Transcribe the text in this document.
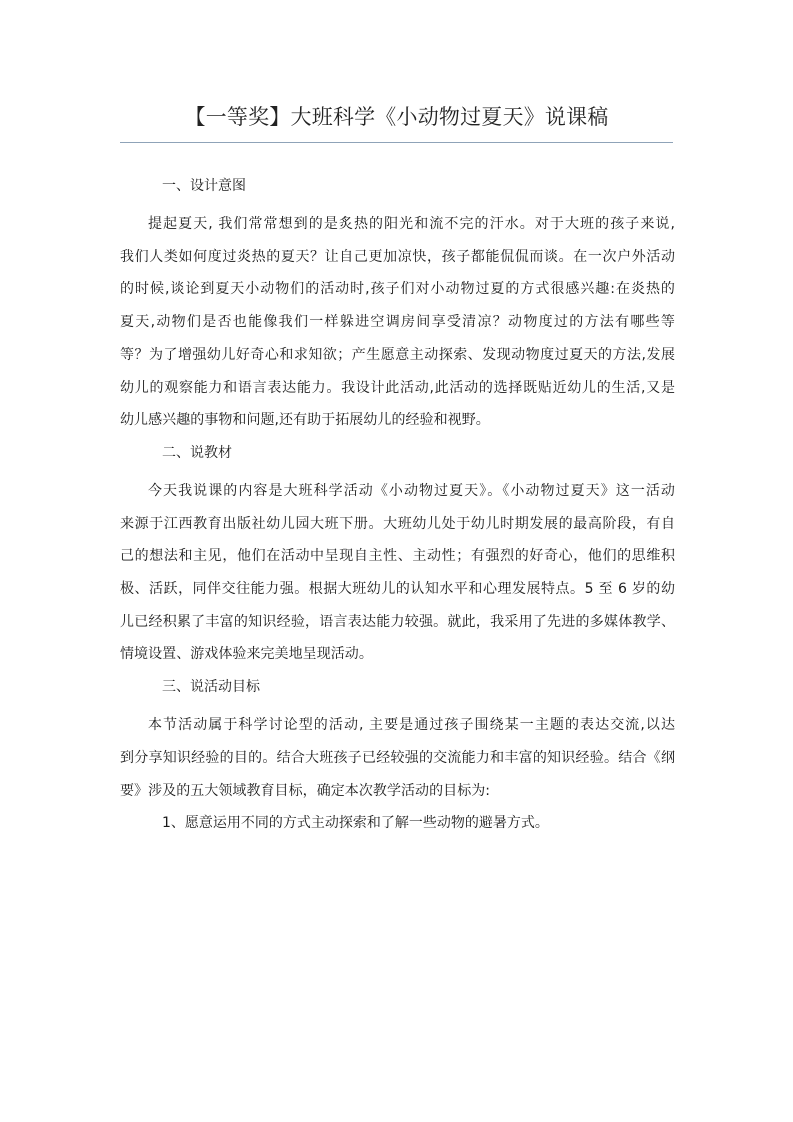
【一等奖】大班科学《小动物过夏天》说课稿
一、设计意图

提起夏天, 我们常常想到的是炙热的阳光和流不完的汗水。对于大班的孩子来说,
我们人类如何度过炎热的夏天？让自己更加凉快，孩子都能侃侃而谈。在一次户外活动
的时候,谈论到夏天小动物们的活动时,孩子们对小动物过夏的方式很感兴趣:在炎热的
夏天,动物们是否也能像我们一样躲进空调房间享受清凉？动物度过的方法有哪些等
等？为了增强幼儿好奇心和求知欲；产生愿意主动探索、发现动物度过夏天的方法,发展
幼儿的观察能力和语言表达能力。我设计此活动,此活动的选择既贴近幼儿的生活,又是
幼儿感兴趣的事物和问题,还有助于拓展幼儿的经验和视野。

二、说教材

今天我说课的内容是大班科学活动《小动物过夏天》。《小动物过夏天》这一活动
来源于江西教育出版社幼儿园大班下册。大班幼儿处于幼儿时期发展的最高阶段，有自
己的想法和主见，他们在活动中呈现自主性、主动性；有强烈的好奇心，他们的思维积
极、活跃，同伴交往能力强。根据大班幼儿的认知水平和心理发展特点。5 至 6 岁的幼
儿已经积累了丰富的知识经验，语言表达能力较强。就此，我采用了先进的多媒体教学、
情境设置、游戏体验来完美地呈现活动。

三、说活动目标

本节活动属于科学讨论型的活动, 主要是通过孩子围绕某一主题的表达交流,以达
到分享知识经验的目的。结合大班孩子已经较强的交流能力和丰富的知识经验。结合《纲
要》涉及的五大领域教育目标，确定本次教学活动的目标为:

1、愿意运用不同的方式主动探索和了解一些动物的避暑方式。
